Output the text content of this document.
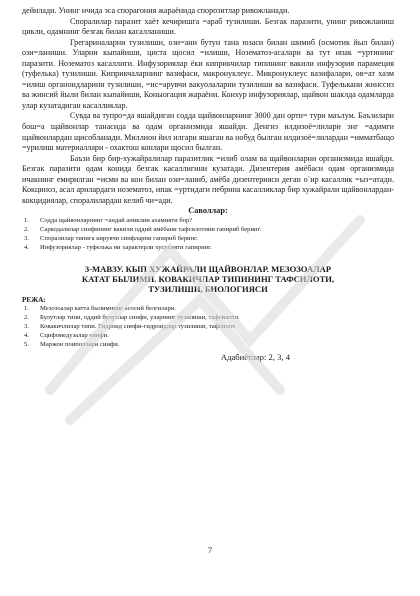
дейилади. Унинг ичида эса спорагония жараёнида спорозитлар ривожланади.

Споралилар паразит хаёт кечиришга =араб тузилиши. Безгак паразити, унинг ривожланиш цикли, одамнинг безгак билан касалланиши.

Грегариналарни тузилиши, ози=ани бутун тана юзаси билан шимиб (осмотик йыл билан) ози=ланиши. Уларни кыпайиши, циста щосил =илиши, Нозематоз-асалари ва тут ипак =уртининг паразити. Нозематоз касаллиги. Инфузориялар ёки киприкчилар типининг вакили инфузория парамеция (туфелька) тузилиши. Киприкчаларнинг вазифаси, макронуклеус. Микронуклеус вазифалари, ов=ат хазм =илиш органоидларини тузилиши, =ис=арувчи вакуолаларни тузилиши ва вазифаси. Туфелькани жинссиз ва жинсий йыли билан кыпайиши, Коныогация жараёни. Коихур инфузориялар, щайвон шаклда одамларда улар кузатадиган касалликлар.

Сувда ва тупро=да яшайдиган содда щайвонларнинг 3000 дан орти= тури маълум. Баъзилари бош=а щайвонлар танасида ва одам организмида яшайди. Денгиз илдизоё=лилари энг =адимги щайвонлардан щисобланади. Миллион йил илгари яшаган ва нобуд былган илдизоё=лилардан =имматбащо =урилиш материаллари - охактош конлари щосил былган.

Баъзи бир бир-хужайралилар паразитлик =илиб олам ва щайвонларни организмида яшайди. Безгак паразити одам конида безгак касаллигини кузатади. Дизентерия амёбаси одам организмида ичакнинг емирилган =исми ва кон билан ози=ланиб, амёба дизентерияси деган о`ир касаллик =ыз=атади. Кокциноз, асал арилардаги нозематоз, ипак =уртидаги пебрина касалликлар бир хужайрали щайвонлардан-кокцидиялар, споралилардан келиб чи=ади.

Саволлар:
1.	Содда щайвонларнинг =андай аниклии ахамияти бор?
2.	Саркодалилар синфининг вакили оддий амёбани тафсилотини гапириб беринг.
3.	Споралилар типига кирувчи синфларни гапириб беринг.
4.	Инфузориялар - туфелька ни характерли хусусияти гапиринг.
3-МАВЗУ. КЫП ХУЖАЙРАЛИ ЩАЙВОНЛАР. МЕЗОЗОАЛАР
КАТАТ БЫЛИМИ. КОВАКИЧЛАР ТИПИНИНГ ТАФСИЛОТИ,
ТУЗИЛИШИ, БИОЛОГИЯСИ
РЕЖА:
1.	Мезозоалар катта былимнинг асосий белгилари.
2.	Булутлар типи, оддий булутлар синфи, уларнинг тузилиши, тафсилоти.
3.	Ковакичлилар типи. Гидроид синфи-гидроидлар тузилиши, тафсилот.
4.	Сцифомедузалар синфи.
5.	Маржон поиполлари синфи.
Адабиётлар: 2, 3, 4
7
